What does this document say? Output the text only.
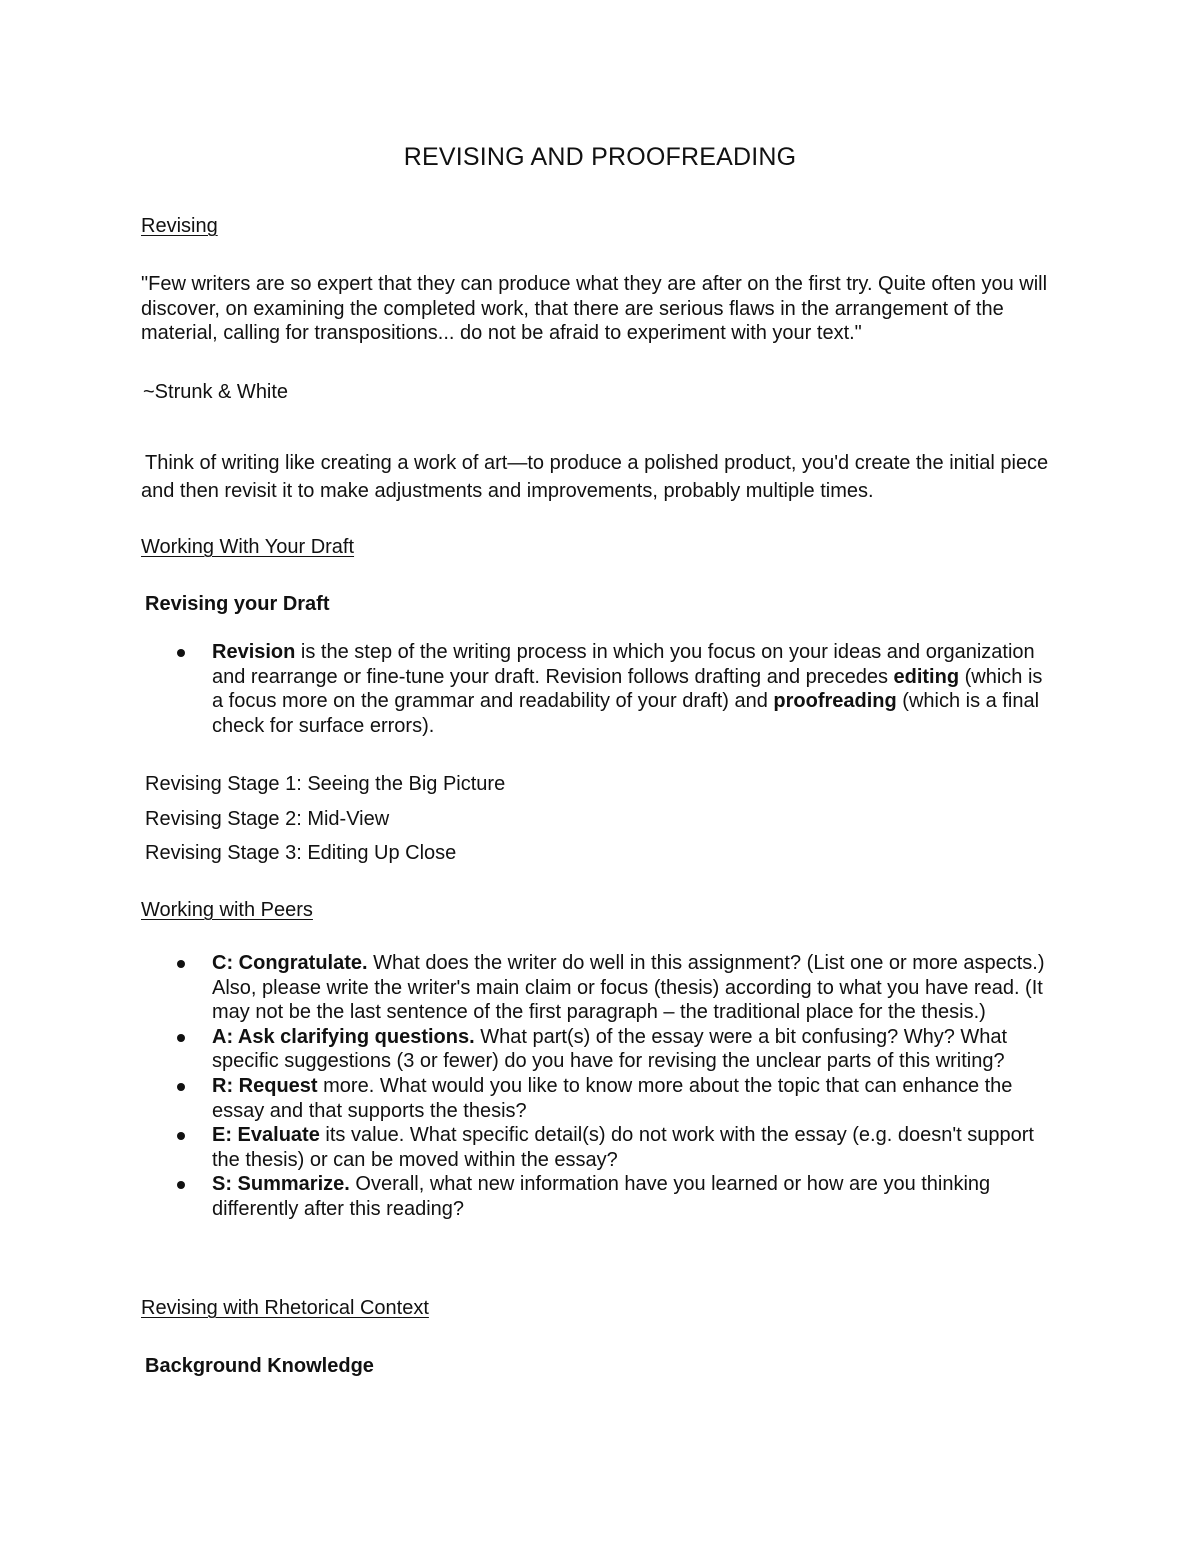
REVISING AND PROOFREADING
Revising
"Few writers are so expert that they can produce what they are after on the first try. Quite often you will discover, on examining the completed work, that there are serious flaws in the arrangement of the material, calling for transpositions... do not be afraid to experiment with your text."
~Strunk & White
Think of writing like creating a work of art—to produce a polished product, you'd create the initial piece and then revisit it to make adjustments and improvements, probably multiple times.
Working With Your Draft
Revising your Draft
Revision is the step of the writing process in which you focus on your ideas and organization and rearrange or fine-tune your draft. Revision follows drafting and precedes editing (which is a focus more on the grammar and readability of your draft) and proofreading (which is a final check for surface errors).
Revising Stage 1: Seeing the Big Picture
Revising Stage 2: Mid-View
Revising Stage 3: Editing Up Close
Working with Peers
C: Congratulate. What does the writer do well in this assignment? (List one or more aspects.) Also, please write the writer's main claim or focus (thesis) according to what you have read. (It may not be the last sentence of the first paragraph – the traditional place for the thesis.)
A: Ask clarifying questions. What part(s) of the essay were a bit confusing? Why? What specific suggestions (3 or fewer) do you have for revising the unclear parts of this writing?
R: Request more. What would you like to know more about the topic that can enhance the essay and that supports the thesis?
E: Evaluate its value. What specific detail(s) do not work with the essay (e.g. doesn't support the thesis) or can be moved within the essay?
S: Summarize. Overall, what new information have you learned or how are you thinking differently after this reading?
Revising with Rhetorical Context
Background Knowledge
